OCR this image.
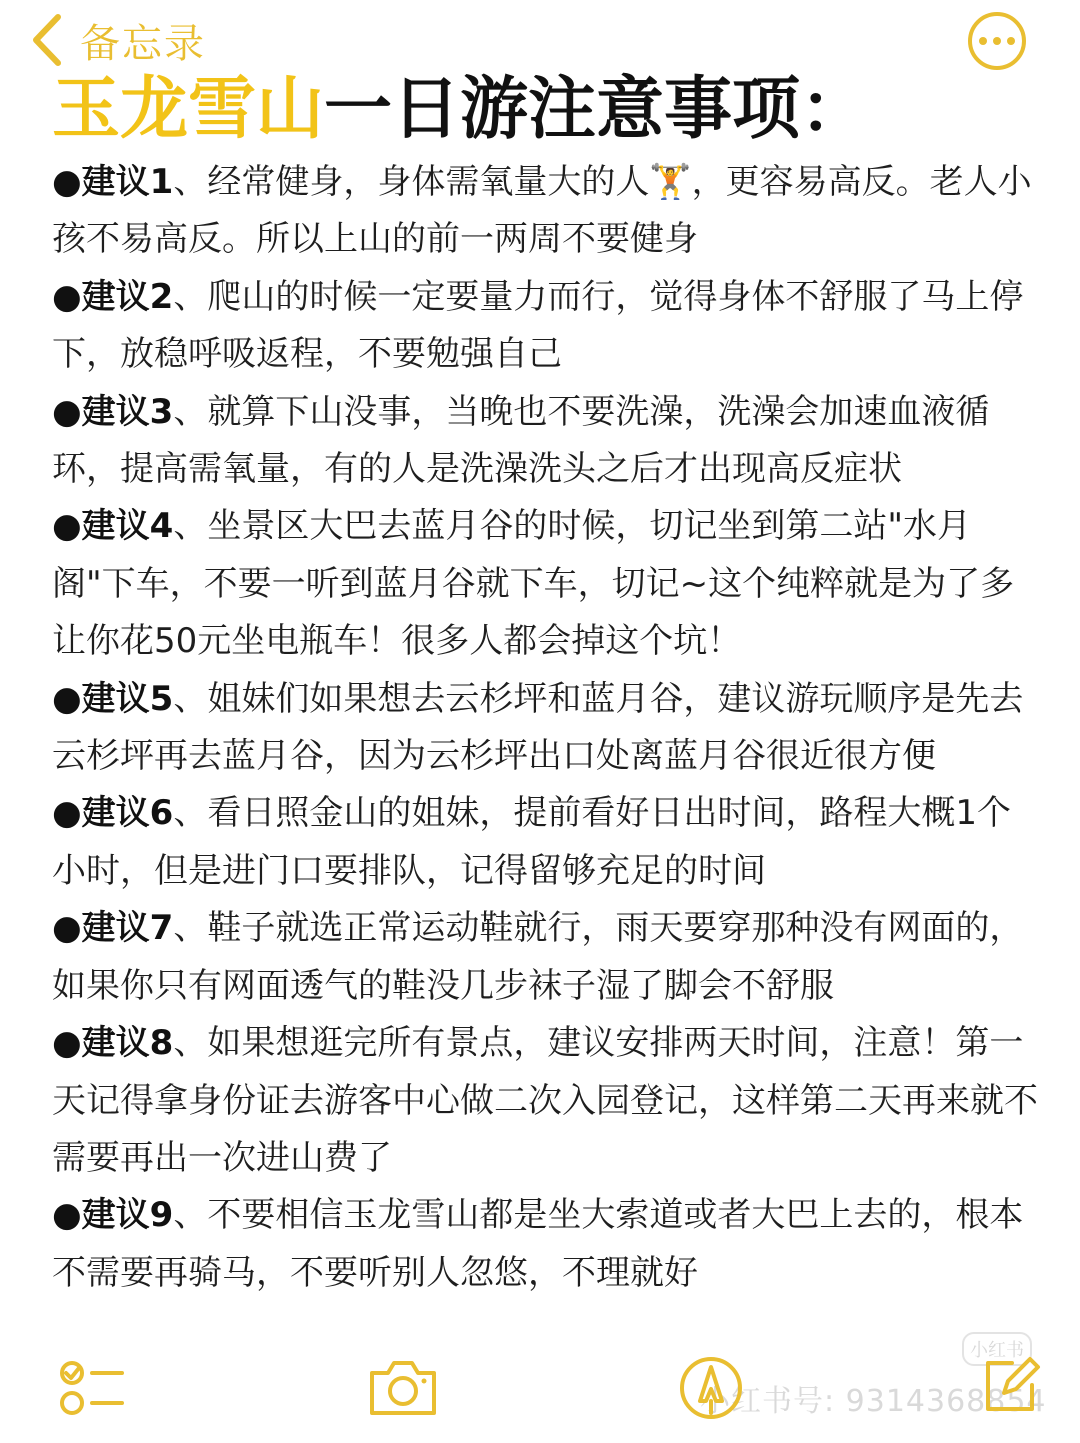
备忘录
玉龙雪山一日游注意事项：
●建议1、经常健身，身体需氧量大的人🏋️，更容易高反。老人小孩不易高反。所以上山的前一两周不要健身
●建议2、爬山的时候一定要量力而行，觉得身体不舒服了马上停下，放稳呼吸返程，不要勉强自己
●建议3、就算下山没事，当晚也不要洗澡，洗澡会加速血液循环，提高需氧量，有的人是洗澡洗头之后才出现高反症状
●建议4、坐景区大巴去蓝月谷的时候，切记坐到第二站"水月阁"下车，不要一听到蓝月谷就下车，切记~这个纯粹就是为了多让你花50元坐电瓶车！很多人都会掉这个坑！
●建议5、姐妹们如果想去云杉坪和蓝月谷，建议游玩顺序是先去云杉坪再去蓝月谷，因为云杉坪出口处离蓝月谷很近很方便
●建议6、看日照金山的姐妹，提前看好日出时间，路程大概1个小时，但是进门口要排队，记得留够充足的时间
●建议7、鞋子就选正常运动鞋就行，雨天要穿那种没有网面的，如果你只有网面透气的鞋没几步袜子湿了脚会不舒服
●建议8、如果想逛完所有景点，建议安排两天时间，注意！第一天记得拿身份证去游客中心做二次入园登记，这样第二天再来就不需要再出一次进山费了
●建议9、不要相信玉龙雪山都是坐大索道或者大巴上去的，根本不需要再骑马，不要听别人忽悠，不理就好
小红书
小红书号: 9314368854
